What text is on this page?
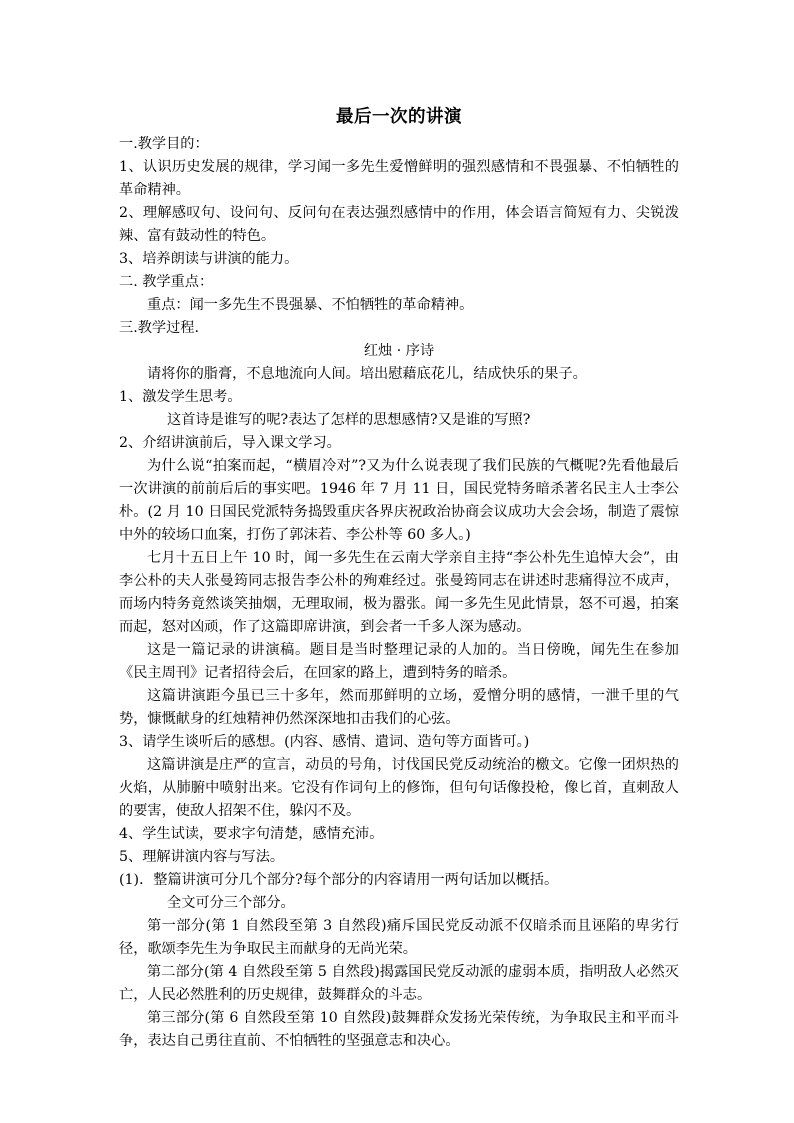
最后一次的讲演
一.教学目的：
1、认识历史发展的规律，学习闻一多先生爱憎鲜明的强烈感情和不畏强暴、不怕牺牲的革命精神。
2、理解感叹句、设问句、反问句在表达强烈感情中的作用，体会语言简短有力、尖锐泼辣、富有鼓动性的特色。
3、培养朗读与讲演的能力。
二. 教学重点：
重点：闻一多先生不畏强暴、不怕牺牲的革命精神。
三.教学过程.
红烛 · 序诗
请将你的脂膏，不息地流向人间。培出慰藉底花儿，结成快乐的果子。
1、激发学生思考。
这首诗是谁写的呢?表达了怎样的思想感情?又是谁的写照?
2、介绍讲演前后，导入课文学习。
为什么说“拍案而起，“横眉冷对”?又为什么说表现了我们民族的气概呢?先看他最后一次讲演的前前后后的事实吧。1946 年 7 月 11 日，国民党特务暗杀著名民主人士李公朴。(2 月 10 日国民党派特务捣毁重庆各界庆祝政治协商会议成功大会会场，制造了震惊中外的较场口血案，打伤了郭沫若、李公朴等 60 多人。)
七月十五日上午 10 时，闻一多先生在云南大学亲自主持“李公朴先生追悼大会”，由李公朴的夫人张曼筠同志报告李公朴的殉难经过。张曼筠同志在讲述时悲痛得泣不成声，而场内特务竟然谈笑抽烟，无理取闹，极为嚣张。闻一多先生见此情景，怒不可遏，拍案而起，怒对凶顽，作了这篇即席讲演，到会者一千多人深为感动。
这是一篇记录的讲演稿。题目是当时整理记录的人加的。当日傍晚，闻先生在参加《民主周刊》记者招待会后，在回家的路上，遭到特务的暗杀。
这篇讲演距今虽已三十多年，然而那鲜明的立场，爱憎分明的感情，一泄千里的气势，慷慨献身的红烛精神仍然深深地扣击我们的心弦。
3、请学生谈听后的感想。(内容、感情、遣词、造句等方面皆可。)
这篇讲演是庄严的宣言，动员的号角，讨伐国民党反动统治的檄文。它像一团炽热的火焰，从肺腑中喷射出来。它没有作词句上的修饰，但句句话像投枪，像匕首，直刺敌人的要害，使敌人招架不住，躲闪不及。
4、学生试读，要求字句清楚，感情充沛。
5、理解讲演内容与写法。
(1)．整篇讲演可分几个部分?每个部分的内容请用一两句话加以概括。
全文可分三个部分。
第一部分(第 1 自然段至第 3 自然段)痛斥国民党反动派不仅暗杀而且诬陷的卑劣行径，歌颂李先生为争取民主而献身的无尚光荣。
第二部分(第 4 自然段至第 5 自然段)揭露国民党反动派的虚弱本质，指明敌人必然灭亡，人民必然胜利的历史规律，鼓舞群众的斗志。
第三部分(第 6 自然段至第 10 自然段)鼓舞群众发扬光荣传统，为争取民主和平而斗争，表达自己勇往直前、不怕牺牲的坚强意志和决心。
